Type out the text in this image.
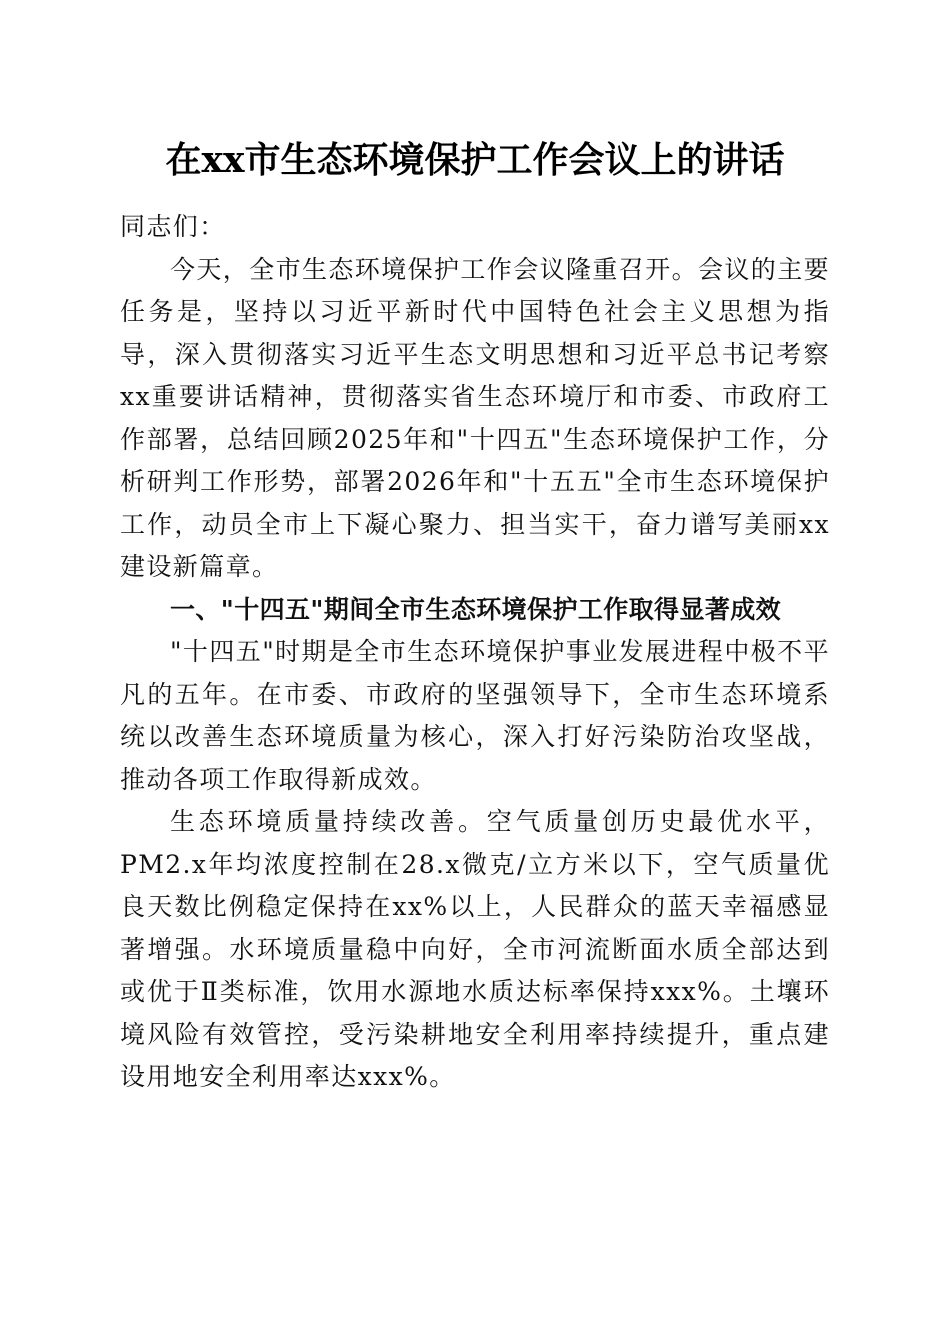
在xx市生态环境保护工作会议上的讲话

同志们：

今天，全市生态环境保护工作会议隆重召开。会议的主要任务是，坚持以习近平新时代中国特色社会主义思想为指导，深入贯彻落实习近平生态文明思想和习近平总书记考察xx重要讲话精神，贯彻落实省生态环境厅和市委、市政府工作部署，总结回顾2025年和"十四五"生态环境保护工作，分析研判工作形势，部署2026年和"十五五"全市生态环境保护工作，动员全市上下凝心聚力、担当实干，奋力谱写美丽xx建设新篇章。

一、"十四五"期间全市生态环境保护工作取得显著成效

"十四五"时期是全市生态环境保护事业发展进程中极不平凡的五年。在市委、市政府的坚强领导下，全市生态环境系统以改善生态环境质量为核心，深入打好污染防治攻坚战，推动各项工作取得新成效。

生态环境质量持续改善。空气质量创历史最优水平，PM2.x年均浓度控制在28.x微克/立方米以下，空气质量优良天数比例稳定保持在xx%以上，人民群众的蓝天幸福感显著增强。水环境质量稳中向好，全市河流断面水质全部达到或优于Ⅱ类标准，饮用水源地水质达标率保持xxx%。土壤环境风险有效管控，受污染耕地安全利用率持续提升，重点建设用地安全利用率达xxx%。
